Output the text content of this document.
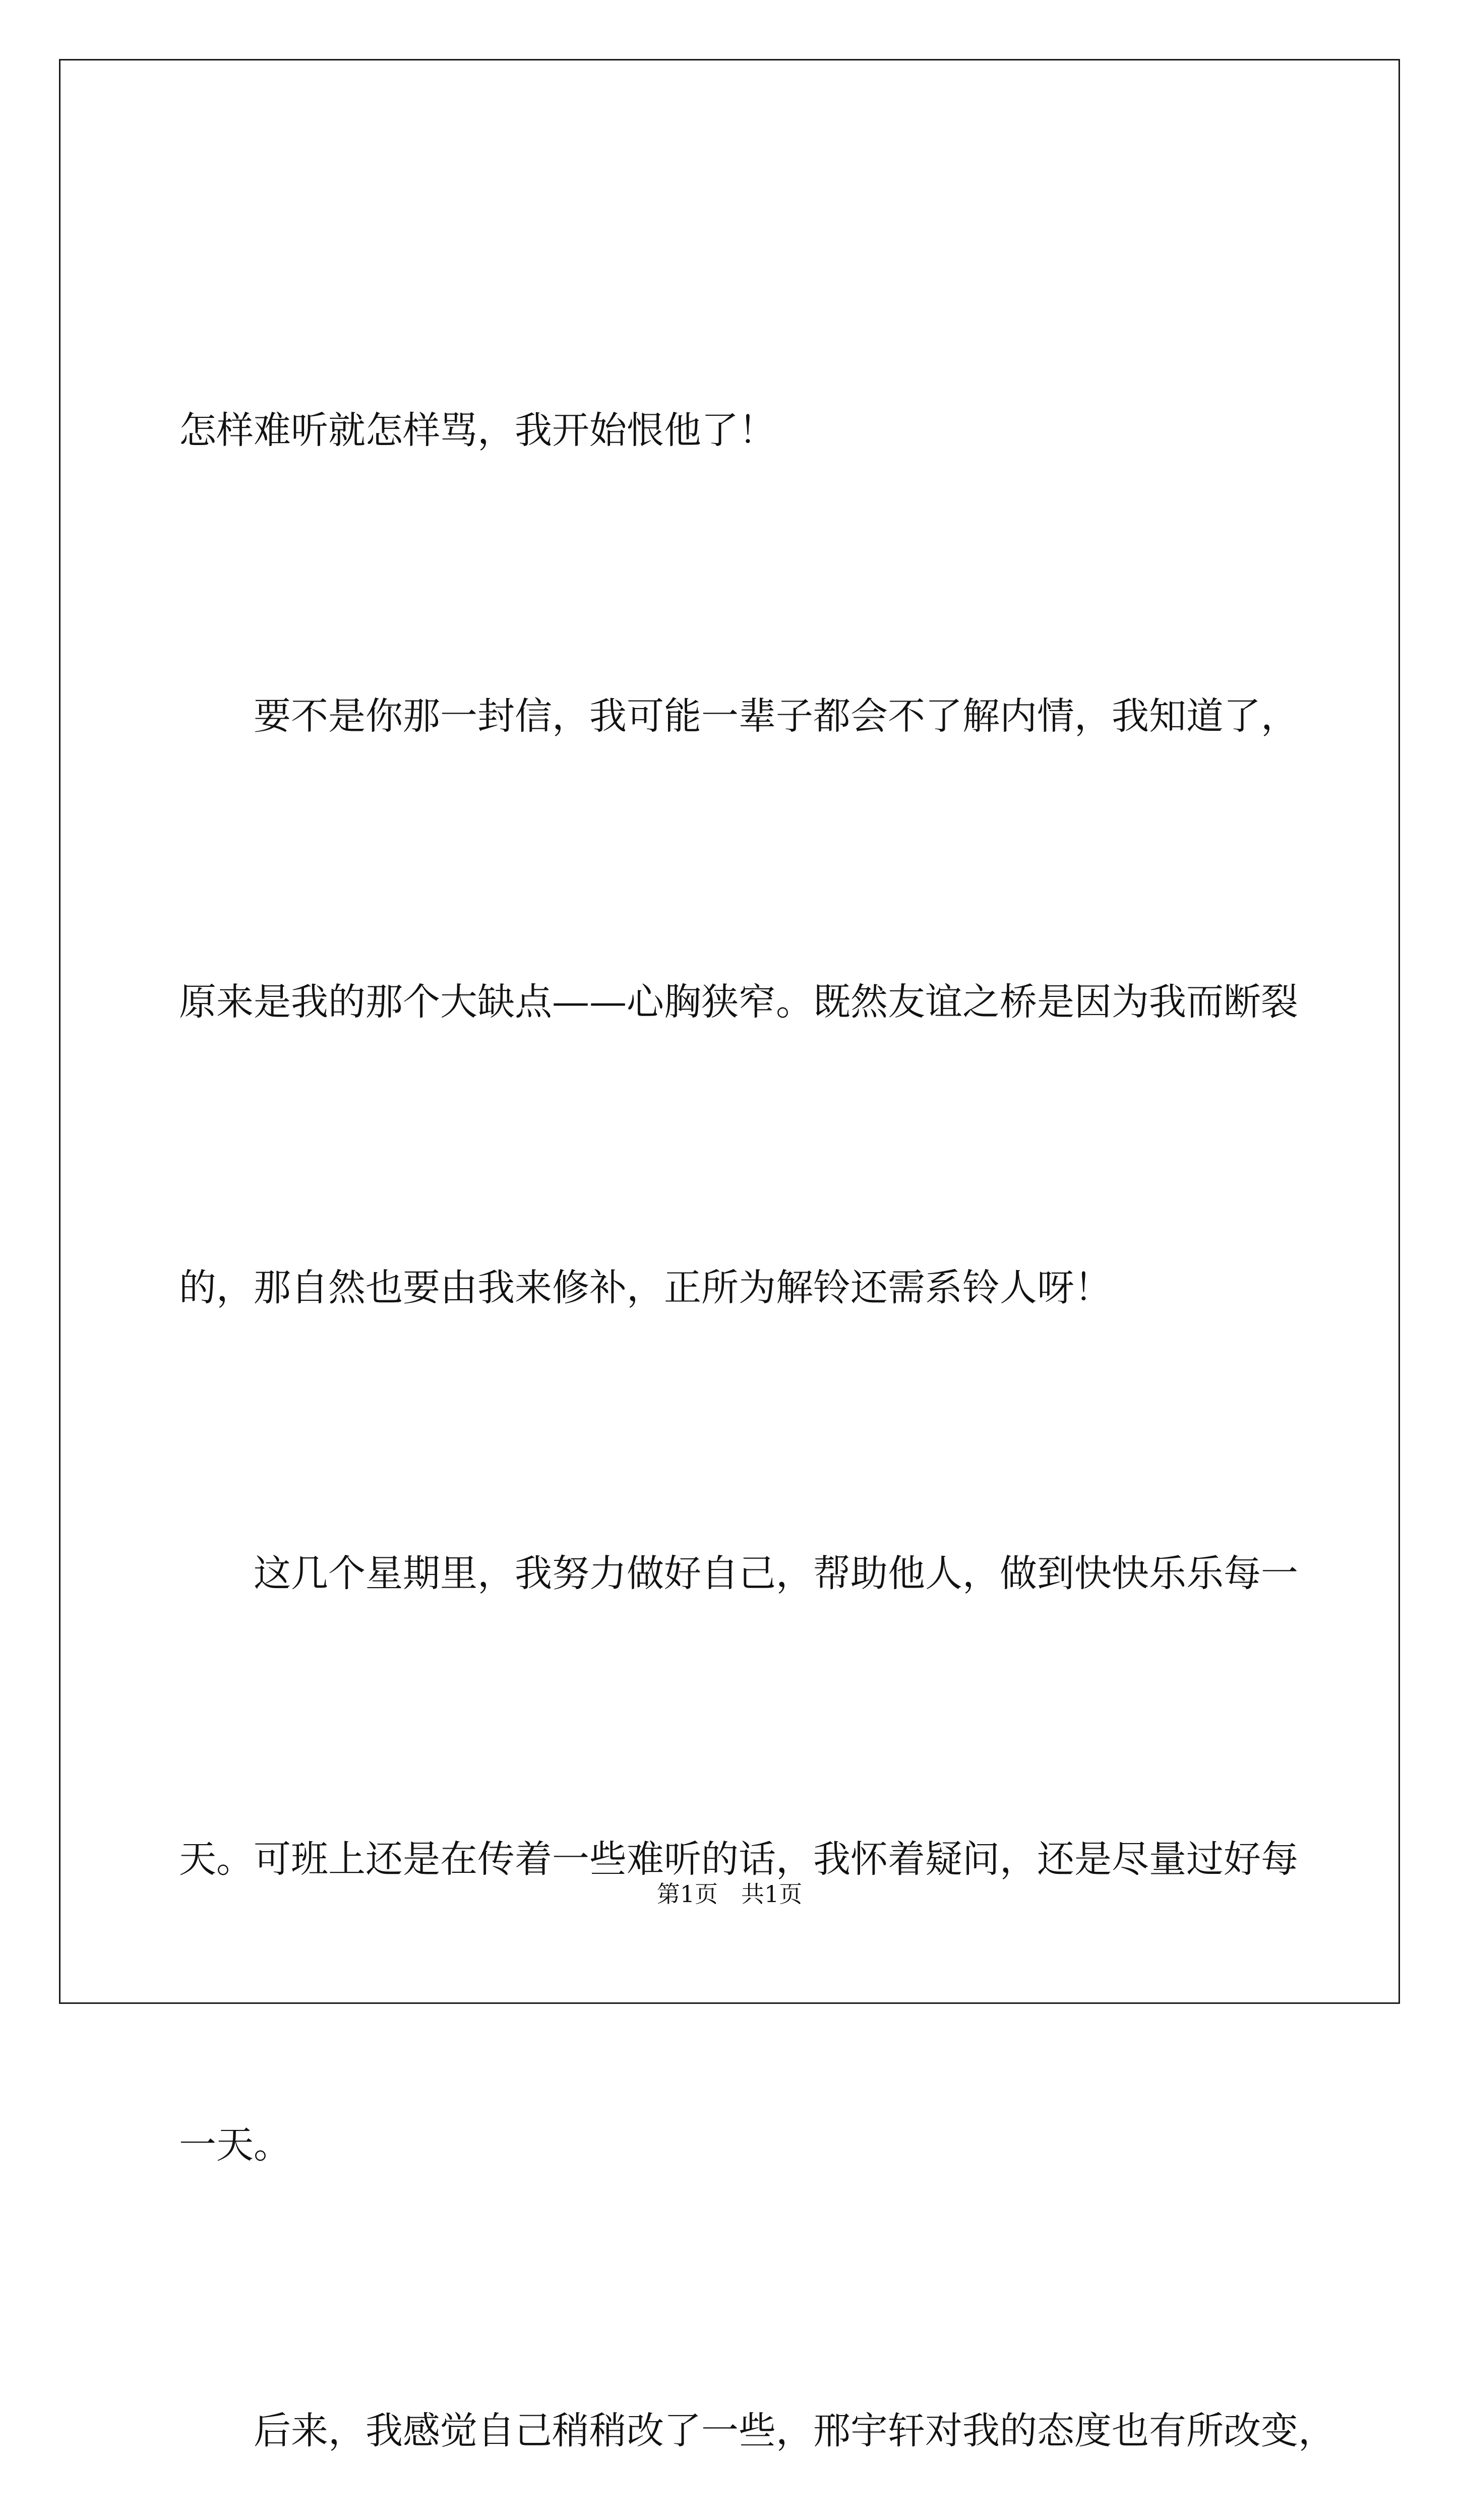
怎样难听就怎样骂，我开始恨他了！

　　要不是你那一封信，我可能一辈子都会不了解内情，我知道了，

原来是我的那个大缺点——心胸狭窄。既然友谊之桥是因为我而断裂

的，那自然也要由我来修补，正所为解铃还需系铃人呀！

　　这几个星期里，我努力做好自己，帮助他人，做到快快乐乐每一

天。可班上还是在传着一些难听的话，我怀着疑问，还是尽量过好每

一天。

　　后来，我感觉自己稍稍改了一些，邢宇轩对我的态度也有所改变，

第1页　共1页
